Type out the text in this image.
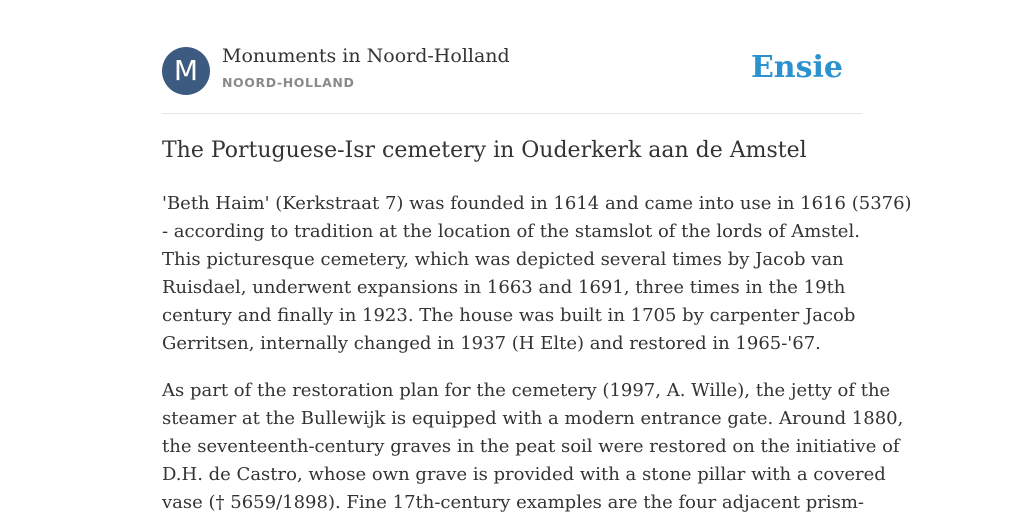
M	Monuments in Noord-Holland
NOORD-HOLLAND	Ensie
The Portuguese-Isr cemetery in Ouderkerk aan de Amstel

'Beth Haim' (Kerkstraat 7) was founded in 1614 and came into use in 1616 (5376)
- according to tradition at the location of the stamslot of the lords of Amstel.
This picturesque cemetery, which was depicted several times by Jacob van
Ruisdael, underwent expansions in 1663 and 1691, three times in the 19th
century and finally in 1923. The house was built in 1705 by carpenter Jacob
Gerritsen, internally changed in 1937 (H Elte) and restored in 1965-'67.

As part of the restoration plan for the cemetery (1997, A. Wille), the jetty of the
steamer at the Bullewijk is equipped with a modern entrance gate. Around 1880,
the seventeenth-century graves in the peat soil were restored on the initiative of
D.H. de Castro, whose own grave is provided with a stone pillar with a covered
vase († 5659/1898). Fine 17th-century examples are the four adjacent prism-
